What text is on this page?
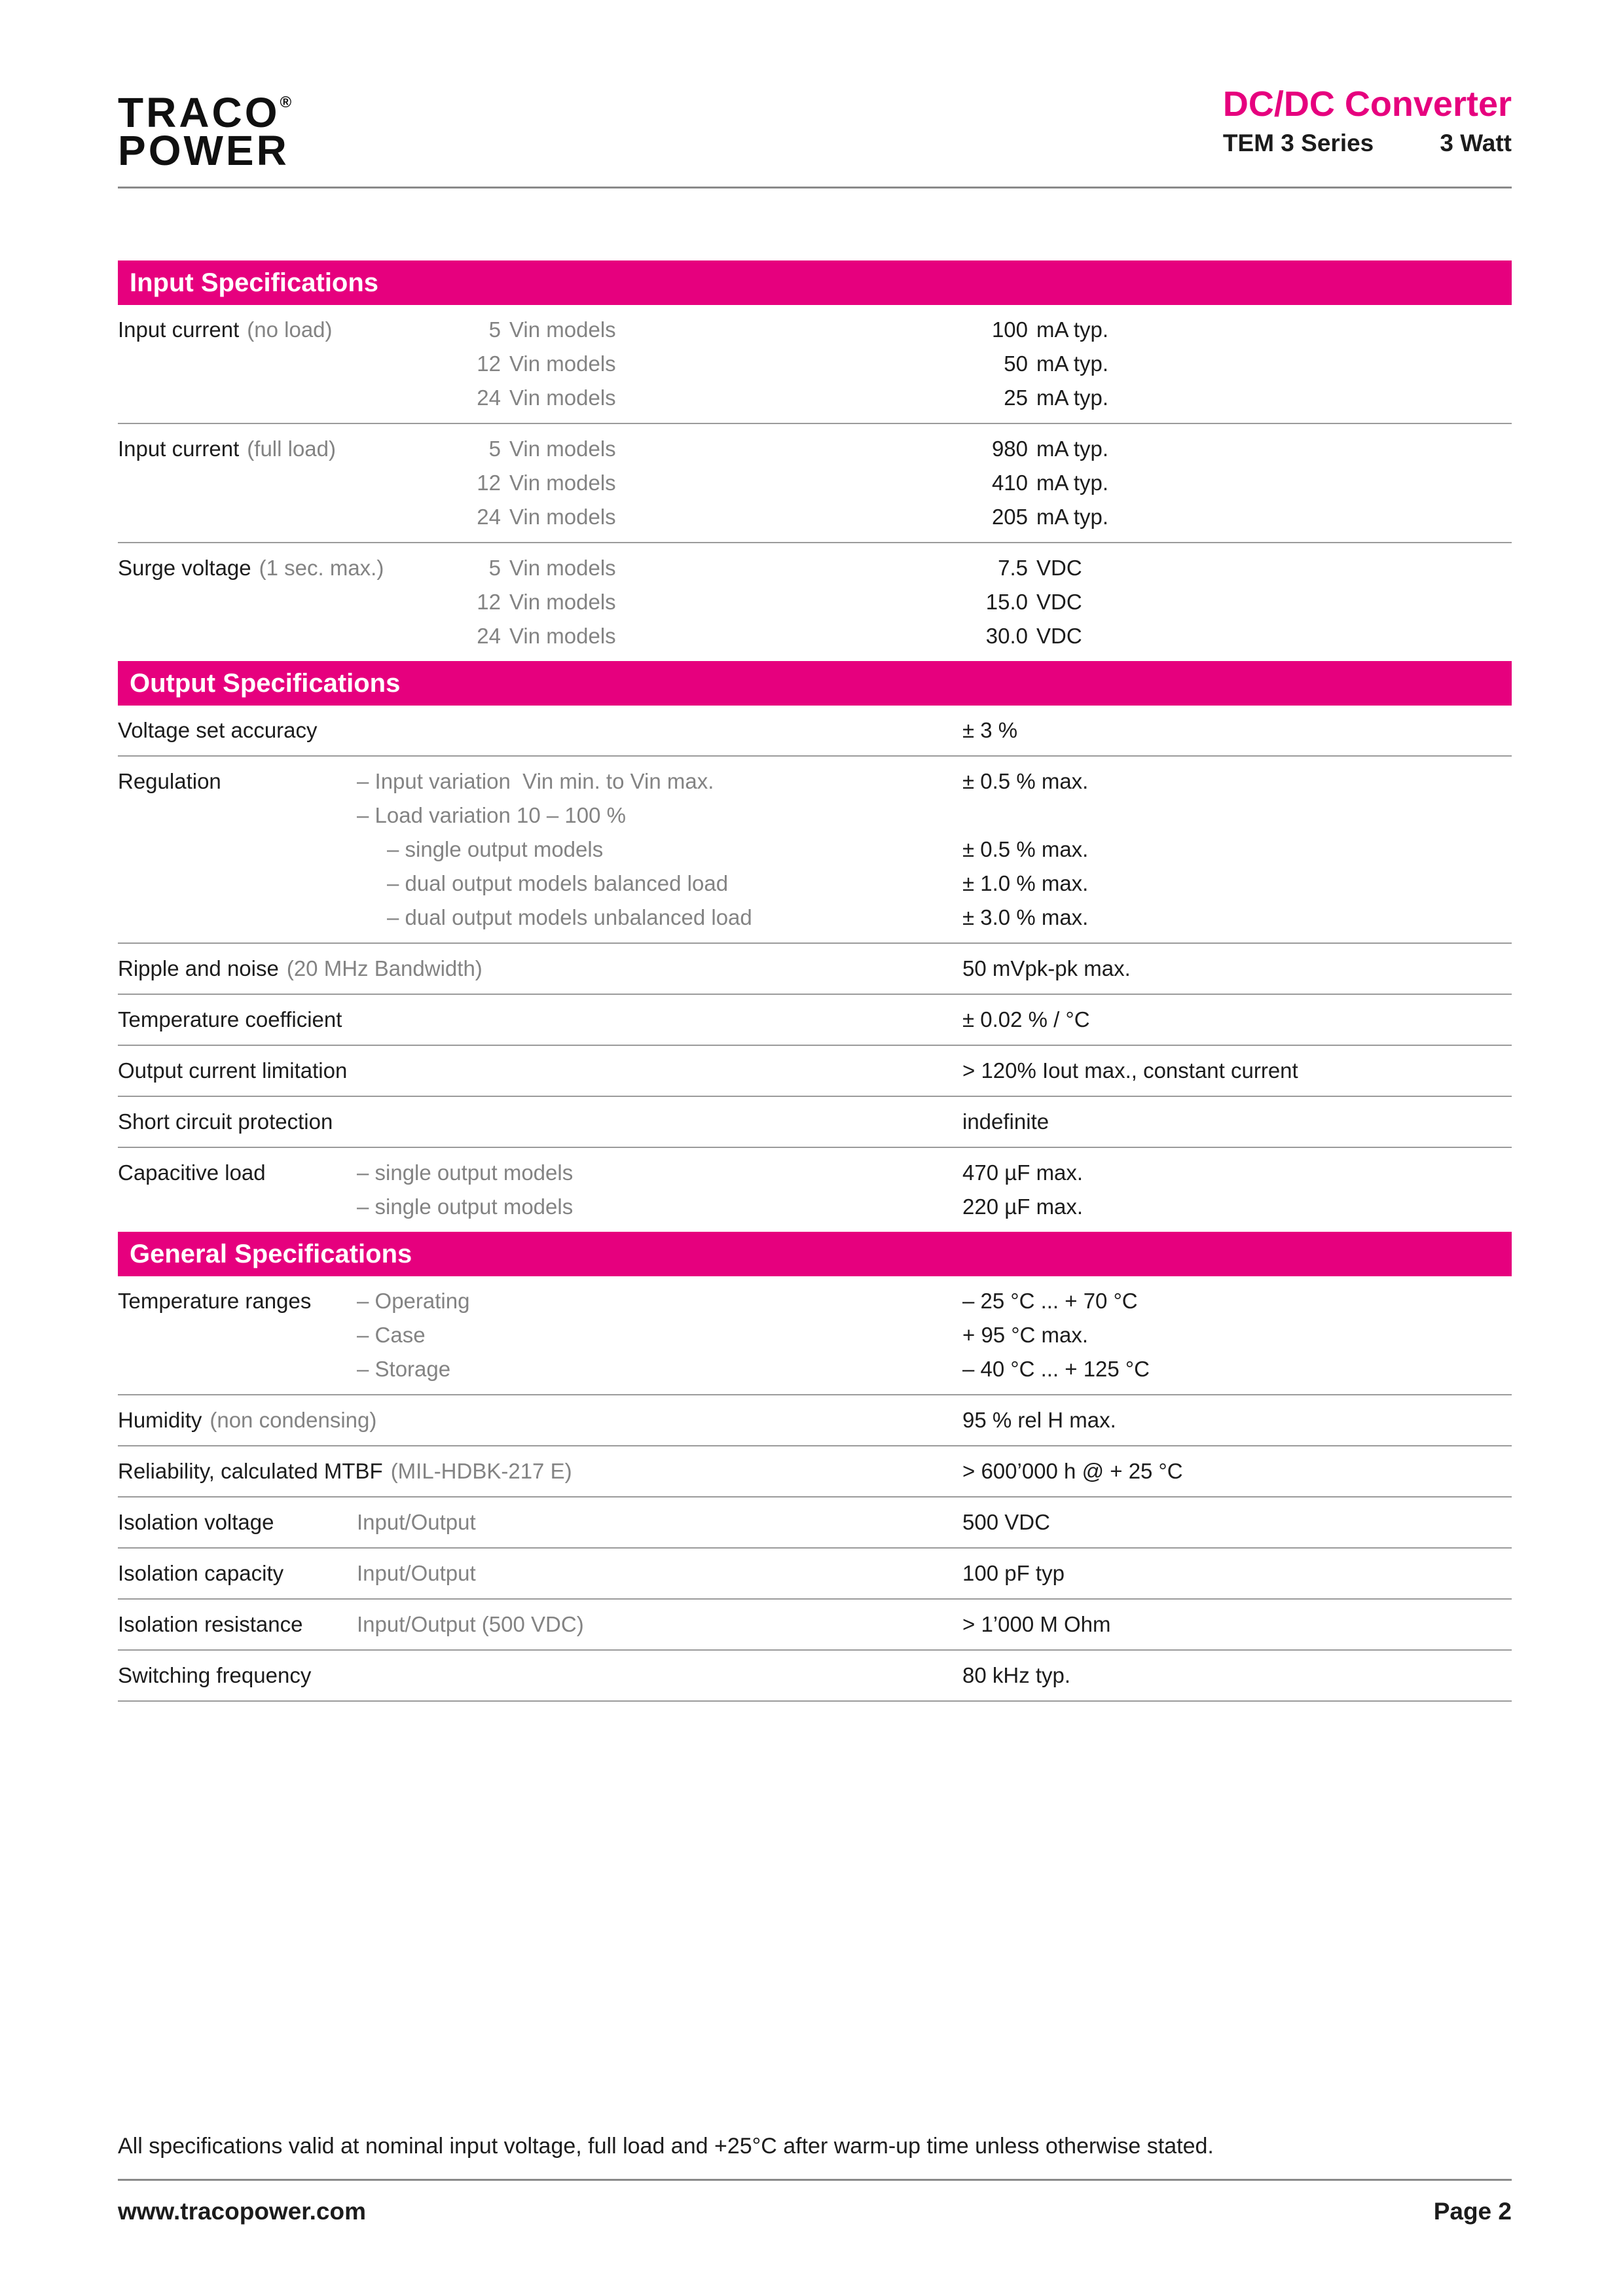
TRACO®
POWER
DC/DC Converter
TEM 3 Series	3 Watt
Input Specifications
Input current (no load)	5 Vin models	100 mA typ.
12 Vin models	50 mA typ.
24 Vin models	25 mA typ.
Input current (full load)	5 Vin models	980 mA typ.
12 Vin models	410 mA typ.
24 Vin models	205 mA typ.
Surge voltage (1 sec. max.)	5 Vin models	7.5 VDC
12 Vin models	15.0 VDC
24 Vin models	30.0 VDC
Output Specifications
Voltage set accuracy	± 3 %
Regulation	– Input variation  Vin min. to Vin max.	± 0.5 % max.
– Load variation 10 – 100 %
– single output models	± 0.5 % max.
– dual output models balanced load	± 1.0 % max.
– dual output models unbalanced load	± 3.0 % max.
Ripple and noise (20 MHz Bandwidth)	50 mVpk-pk max.
Temperature coefficient	± 0.02 % / °C
Output current limitation	> 120% Iout max., constant current
Short circuit protection	indefinite
Capacitive load	– single output models	470 µF max.
– single output models	220 µF max.
General Specifications
Temperature ranges	– Operating	– 25 °C ... + 70 °C
– Case	+ 95 °C max.
– Storage	– 40 °C ... + 125 °C
Humidity (non condensing)	95 % rel H max.
Reliability, calculated MTBF (MIL-HDBK-217 E)	> 600’000 h @ + 25 °C
Isolation voltage	Input/Output	500 VDC
Isolation capacity	Input/Output	100 pF typ
Isolation resistance	Input/Output (500 VDC)	> 1’000 M Ohm
Switching frequency	80 kHz typ.
All specifications valid at nominal input voltage, full load and +25°C after warm-up time unless otherwise stated.
www.tracopower.com	Page 2
